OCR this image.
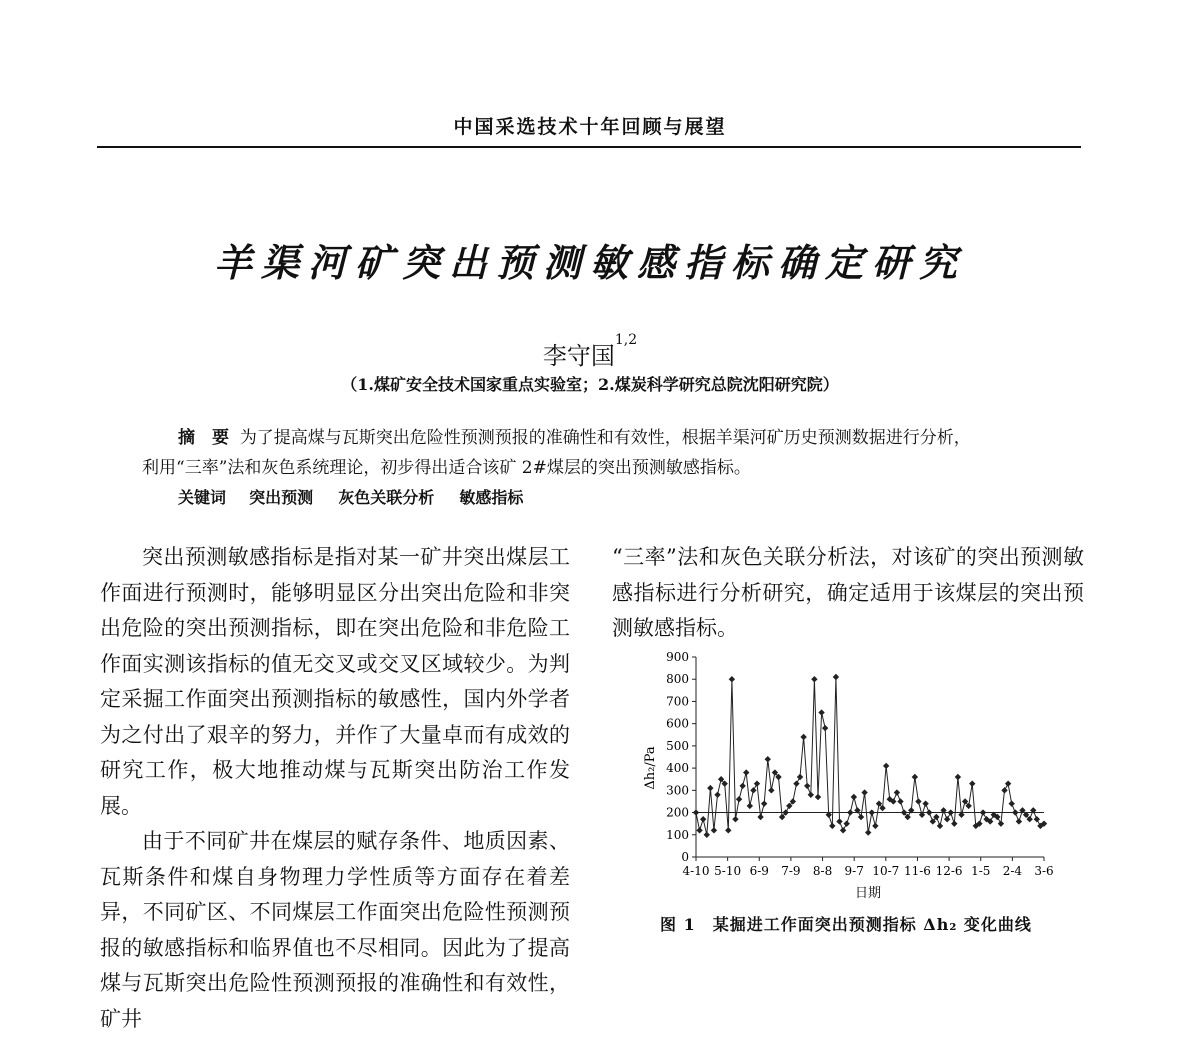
中国采选技术十年回顾与展望
羊渠河矿突出预测敏感指标确定研究
李守国$^{1,2}$
（1.煤矿安全技术国家重点实验室；2.煤炭科学研究总院沈阳研究院）
摘　要 为了提高煤与瓦斯突出危险性预测预报的准确性和有效性，根据羊渠河矿历史预测数据进行分析，
利用“三率”法和灰色系统理论，初步得出适合该矿 2#煤层的突出预测敏感指标。
关键词 突出预测 灰色关联分析 敏感指标

突出预测敏感指标是指对某一矿井突出煤层工作面进行预测时，能够明显区分出突出危险和非突出危险的突出预测指标，即在突出危险和非危险工作面实测该指标的值无交叉或交叉区域较少。为判定采掘工作面突出预测指标的敏感性，国内外学者为之付出了艰辛的努力，并作了大量卓而有成效的研究工作，极大地推动煤与瓦斯突出防治工作发展。

由于不同矿井在煤层的赋存条件、地质因素、瓦斯条件和煤自身物理力学性质等方面存在着差异，不同矿区、不同煤层工作面突出危险性预测预报的敏感指标和临界值也不尽相同。因此为了提高煤与瓦斯突出危险性预测预报的准确性和有效性，矿井

“三率”法和灰色关联分析法，对该矿的突出预测敏感指标进行分析研究，确定适用于该煤层的突出预测敏感指标。

0
100
200
300
400
500
600
700
800
900
4-10 5-10 6-9 7-9 8-8 9-7 10-7 11-6 12-6 1-5 2-4 3-6
Δh₂/Pa
日期
图 1　某掘进工作面突出预测指标 Δh₂ 变化曲线
